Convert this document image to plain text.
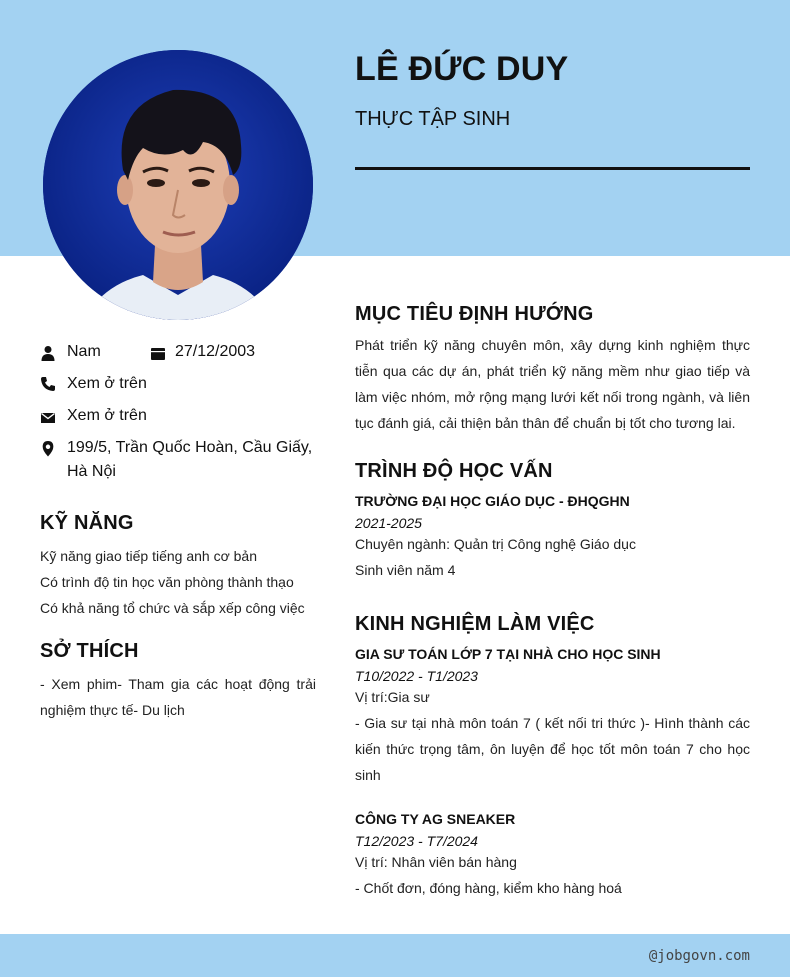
LÊ ĐỨC DUY
THỰC TẬP SINH
Nam	27/12/2003
Xem ở trên
Xem ở trên
199/5, Trần Quốc Hoàn, Cầu Giấy,
Hà Nội
KỸ NĂNG
Kỹ năng giao tiếp tiếng anh cơ bản
Có trình độ tin học văn phòng thành thạo
Có khả năng tổ chức và sắp xếp công việc
SỞ THÍCH
- Xem phim- Tham gia các hoạt động trải nghiệm thực tế- Du lịch
MỤC TIÊU ĐỊNH HƯỚNG
Phát triển kỹ năng chuyên môn, xây dựng kinh nghiệm thực tiễn qua các dự án, phát triển kỹ năng mềm như giao tiếp và làm việc nhóm, mở rộng mạng lưới kết nối trong ngành, và liên tục đánh giá, cải thiện bản thân để chuẩn bị tốt cho tương lai.
TRÌNH ĐỘ HỌC VẤN
TRƯỜNG ĐẠI HỌC GIÁO DỤC - ĐHQGHN
2021-2025
Chuyên ngành: Quản trị Công nghệ Giáo dục
Sinh viên năm 4
KINH NGHIỆM LÀM VIỆC
GIA SƯ TOÁN LỚP 7 TẠI NHÀ CHO HỌC SINH
T10/2022 - T1/2023
Vị trí:Gia sư
- Gia sư tại nhà môn toán 7 ( kết nối tri thức )- Hình thành các kiến thức trọng tâm, ôn luyện để học tốt môn toán 7 cho học sinh
CÔNG TY AG SNEAKER
T12/2023 - T7/2024
Vị trí: Nhân viên bán hàng
- Chốt đơn, đóng hàng, kiểm kho hàng hoá
@jobgovn.com
